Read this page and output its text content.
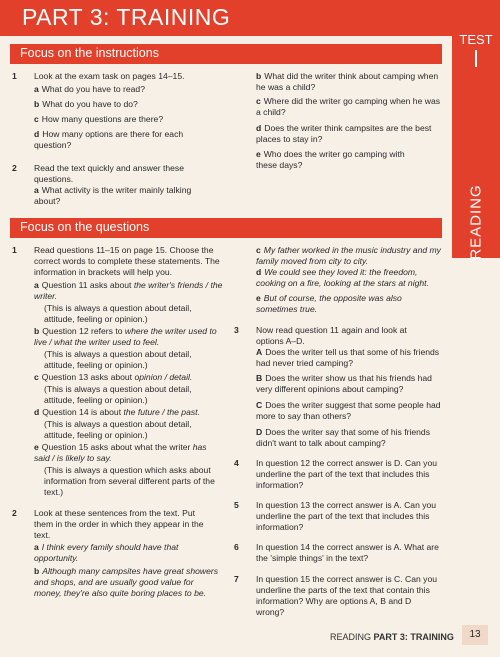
PART 3: TRAINING
TEST
READING
Focus on the instructions
1 Look at the exam task on pages 14–15.
a What do you have to read?
b What do you have to do?
c How many questions are there?
d How many options are there for each question?
2 Read the text quickly and answer these questions.
a What activity is the writer mainly talking about?
b What did the writer think about camping when he was a child?
c Where did the writer go camping when he was a child?
d Does the writer think campsites are the best places to stay in?
e Who does the writer go camping with these days?
Focus on the questions
1 Read questions 11–15 on page 15. Choose the correct words to complete these statements. The information in brackets will help you.
a Question 11 asks about the writer's friends / the writer.
(This is always a question about detail, attitude, feeling or opinion.)
b Question 12 refers to where the writer used to live / what the writer used to feel.
(This is always a question about detail, attitude, feeling or opinion.)
c Question 13 asks about opinion / detail.
(This is always a question about detail, attitude, feeling or opinion.)
d Question 14 is about the future / the past.
(This is always a question about detail, attitude, feeling or opinion.)
e Question 15 asks about what the writer has said / is likely to say.
(This is always a question which asks about information from several different parts of the text.)
2 Look at these sentences from the text. Put them in the order in which they appear in the text.
a I think every family should have that opportunity.
b Although many campsites have great showers and shops, and are usually good value for money, they're also quite boring places to be.
c My father worked in the music industry and my family moved from city to city.
d We could see they loved it: the freedom, cooking on a fire, looking at the stars at night.
e But of course, the opposite was also sometimes true.
3 Now read question 11 again and look at options A–D.
A Does the writer tell us that some of his friends had never tried camping?
B Does the writer show us that his friends had very different opinions about camping?
C Does the writer suggest that some people had more to say than others?
D Does the writer say that some of his friends didn't want to talk about camping?
4 In question 12 the correct answer is D. Can you underline the part of the text that includes this information?
5 In question 13 the correct answer is A. Can you underline the part of the text that includes this information?
6 In question 14 the correct answer is A. What are the 'simple things' in the text?
7 In question 15 the correct answer is C. Can you underline the parts of the text that contain this information? Why are options A, B and D wrong?
READING PART 3: TRAINING	13
